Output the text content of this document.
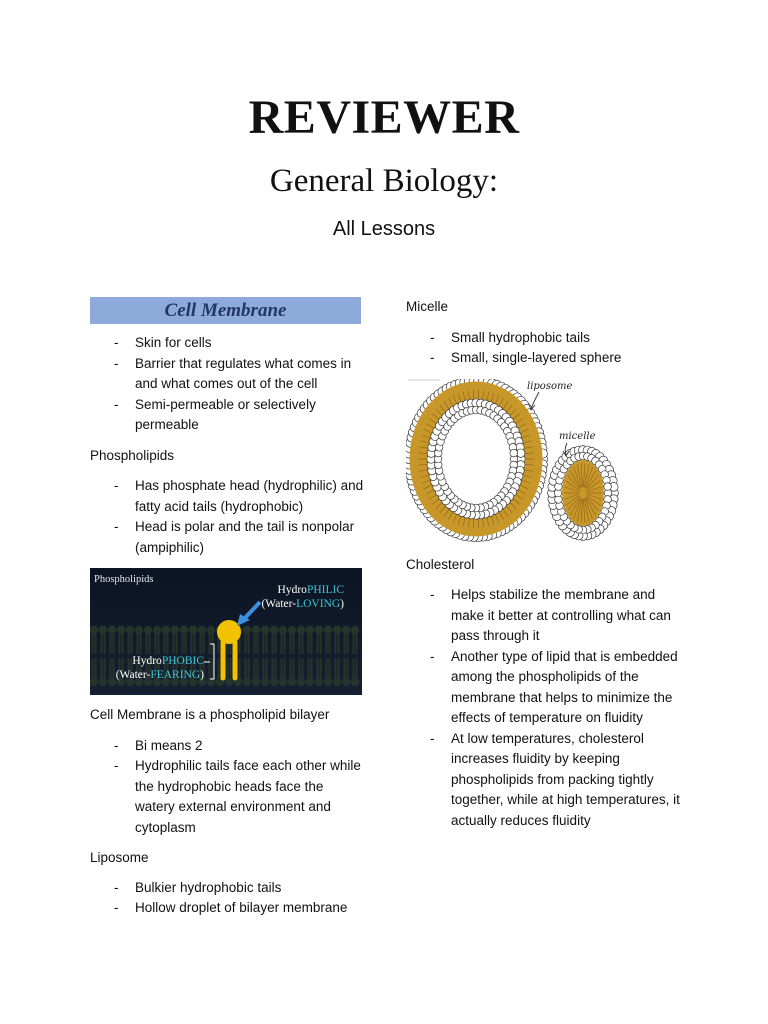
REVIEWER
General Biology:
All Lessons
Cell Membrane
- Skin for cells
- Barrier that regulates what comes in and what comes out of the cell
- Semi-permeable or selectively permeable

Phospholipids

- Has phosphate head (hydrophilic) and fatty acid tails (hydrophobic)
- Head is polar and the tail is nonpolar (ampiphilic)
Phospholipids
HydroPHILIC
(Water-LOVING)
HydroPHOBIC
(Water-FEARING)

Cell Membrane is a phospholipid bilayer

- Bi means 2
- Hydrophilic tails face each other while the hydrophobic heads face the watery external environment and cytoplasm

Liposome

- Bulkier hydrophobic tails
- Hollow droplet of bilayer membrane

Micelle

- Small hydrophobic tails
- Small, single-layered sphere
liposome
micelle

Cholesterol

- Helps stabilize the membrane and make it better at controlling what can pass through it
- Another type of lipid that is embedded among the phospholipids of the membrane that helps to minimize the effects of temperature on fluidity
- At low temperatures, cholesterol increases fluidity by keeping phospholipids from packing tightly together, while at high temperatures, it actually reduces fluidity
